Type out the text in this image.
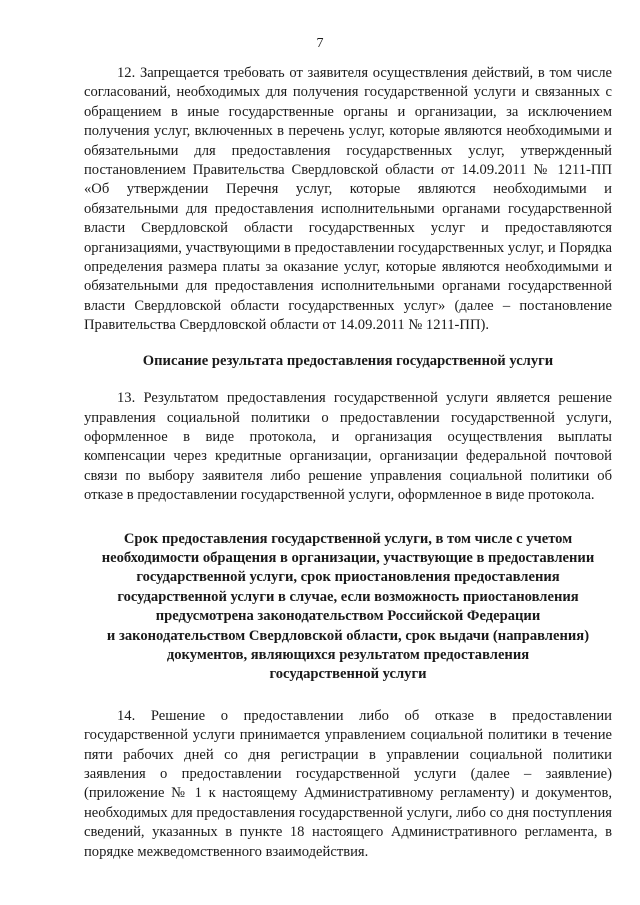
7

12. Запрещается требовать от заявителя осуществления действий, в том числе согласований, необходимых для получения государственной услуги и связанных с обращением в иные государственные органы и организации, за исключением получения услуг, включенных в перечень услуг, которые являются необходимыми и обязательными для предоставления государственных услуг, утвержденный постановлением Правительства Свердловской области от 14.09.2011 № 1211-ПП «Об утверждении Перечня услуг, которые являются необходимыми и обязательными для предоставления исполнительными органами государственной власти Свердловской области государственных услуг и предоставляются организациями, участвующими в предоставлении государственных услуг, и Порядка определения размера платы за оказание услуг, которые являются необходимыми и обязательными для предоставления исполнительными органами государственной власти Свердловской области государственных услуг» (далее – постановление Правительства Свердловской области от 14.09.2011 № 1211-ПП).

Описание результата предоставления государственной услуги

13. Результатом предоставления государственной услуги является решение управления социальной политики о предоставлении государственной услуги, оформленное в виде протокола, и организация осуществления выплаты компенсации через кредитные организации, организации федеральной почтовой связи по выбору заявителя либо решение управления социальной политики об отказе в предоставлении государственной услуги, оформленное в виде протокола.

Срок предоставления государственной услуги, в том числе с учетом
необходимости обращения в организации, участвующие в предоставлении
государственной услуги, срок приостановления предоставления
государственной услуги в случае, если возможность приостановления
предусмотрена законодательством Российской Федерации
и законодательством Свердловской области, срок выдачи (направления)
документов, являющихся результатом предоставления
государственной услуги

14. Решение о предоставлении либо об отказе в предоставлении государственной услуги принимается управлением социальной политики в течение пяти рабочих дней со дня регистрации в управлении социальной политики заявления о предоставлении государственной услуги (далее – заявление) (приложение № 1 к настоящему Административному регламенту) и документов, необходимых для предоставления государственной услуги, либо со дня поступления сведений, указанных в пункте 18 настоящего Административного регламента, в порядке межведомственного взаимодействия.
